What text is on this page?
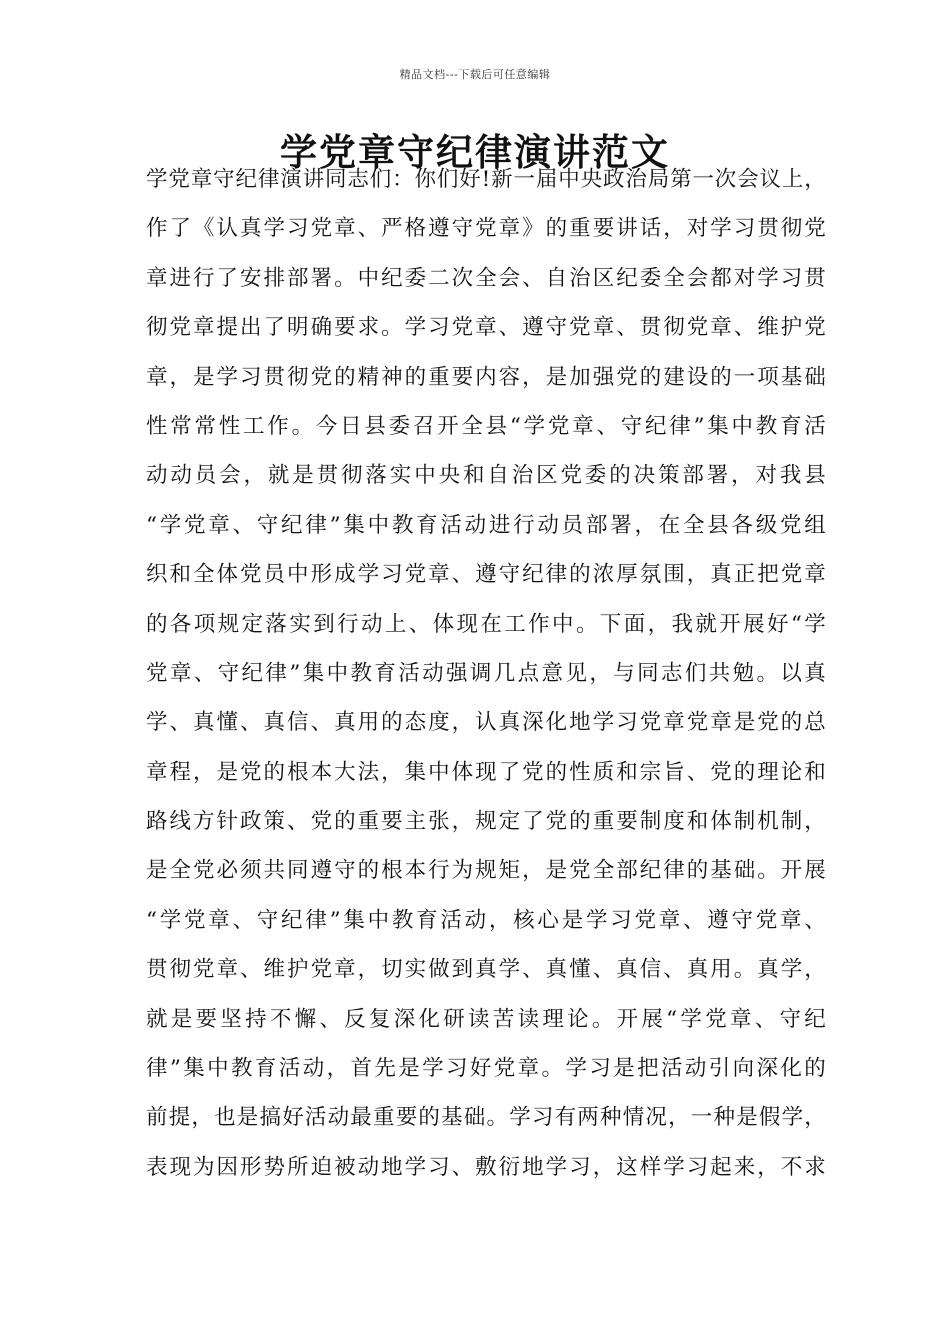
精品文档---下载后可任意编辑
学党章守纪律演讲范文
学党章守纪律演讲同志们：你们好!新一届中央政治局第一次会议上，
作了《认真学习党章、严格遵守党章》的重要讲话，对学习贯彻党
章进行了安排部署。中纪委二次全会、自治区纪委全会都对学习贯
彻党章提出了明确要求。学习党章、遵守党章、贯彻党章、维护党
章，是学习贯彻党的精神的重要内容，是加强党的建设的一项基础
性常常性工作。今日县委召开全县“学党章、守纪律”集中教育活
动动员会，就是贯彻落实中央和自治区党委的决策部署，对我县
“学党章、守纪律”集中教育活动进行动员部署，在全县各级党组
织和全体党员中形成学习党章、遵守纪律的浓厚氛围，真正把党章
的各项规定落实到行动上、体现在工作中。下面，我就开展好“学
党章、守纪律”集中教育活动强调几点意见，与同志们共勉。以真
学、真懂、真信、真用的态度，认真深化地学习党章党章是党的总
章程，是党的根本大法，集中体现了党的性质和宗旨、党的理论和
路线方针政策、党的重要主张，规定了党的重要制度和体制机制，
是全党必须共同遵守的根本行为规矩，是党全部纪律的基础。开展
“学党章、守纪律”集中教育活动，核心是学习党章、遵守党章、
贯彻党章、维护党章，切实做到真学、真懂、真信、真用。真学，
就是要坚持不懈、反复深化研读苦读理论。开展“学党章、守纪
律”集中教育活动，首先是学习好党章。学习是把活动引向深化的
前提，也是搞好活动最重要的基础。学习有两种情况，一种是假学，
表现为因形势所迫被动地学习、敷衍地学习，这样学习起来，不求
